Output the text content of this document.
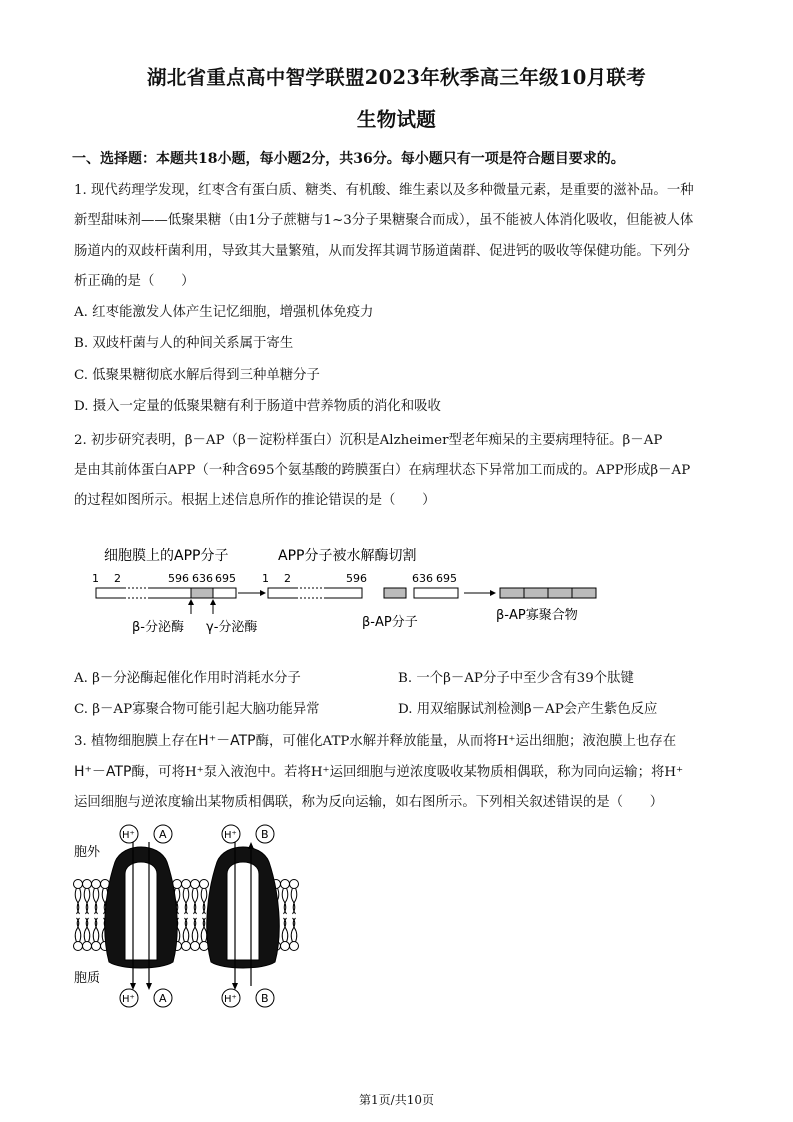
湖北省重点高中智学联盟2023年秋季高三年级10月联考
生物试题
一、选择题：本题共18小题，每小题2分，共36分。每小题只有一项是符合题目要求的。
1. 现代药理学发现，红枣含有蛋白质、糖类、有机酸、维生素以及多种微量元素，是重要的滋补品。一种
新型甜味剂——低聚果糖（由1分子蔗糖与1~3分子果糖聚合而成），虽不能被人体消化吸收，但能被人体
肠道内的双歧杆菌利用，导致其大量繁殖，从而发挥其调节肠道菌群、促进钙的吸收等保健功能。下列分
析正确的是（　　）
A. 红枣能激发人体产生记忆细胞，增强机体免疫力
B. 双歧杆菌与人的种间关系属于寄生
C. 低聚果糖彻底水解后得到三种单糖分子
D. 摄入一定量的低聚果糖有利于肠道中营养物质的消化和吸收
2. 初步研究表明，β－AP（β－淀粉样蛋白）沉积是Alzheimer型老年痴呆的主要病理特征。β－AP
是由其前体蛋白APP（一种含695个氨基酸的跨膜蛋白）在病理状态下异常加工而成的。APP形成β－AP
的过程如图所示。根据上述信息所作的推论错误的是（　　）
细胞膜上的APP分子	APP分子被水解酶切割
1 2	596 636 695
β-分泌酶 γ-分泌酶
1 2	596	636 695
β-AP分子	β-AP寡聚合物
A. β－分泌酶起催化作用时消耗水分子	B. 一个β－AP分子中至少含有39个肽键
C. β－AP寡聚合物可能引起大脑功能异常	D. 用双缩脲试剂检测β－AP会产生紫色反应
3. 植物细胞膜上存在H⁺－ATP酶，可催化ATP水解并释放能量，从而将H⁺运出细胞；液泡膜上也存在
H⁺－ATP酶，可将H⁺泵入液泡中。若将H⁺运回细胞与逆浓度吸收某物质相偶联，称为同向运输；将H⁺
运回细胞与逆浓度输出某物质相偶联，称为反向运输，如右图所示。下列相关叙述错误的是（　　）
胞外
胞质
H⁺
H⁺
A
A
H⁺
H⁺
B
B
第1页/共10页
